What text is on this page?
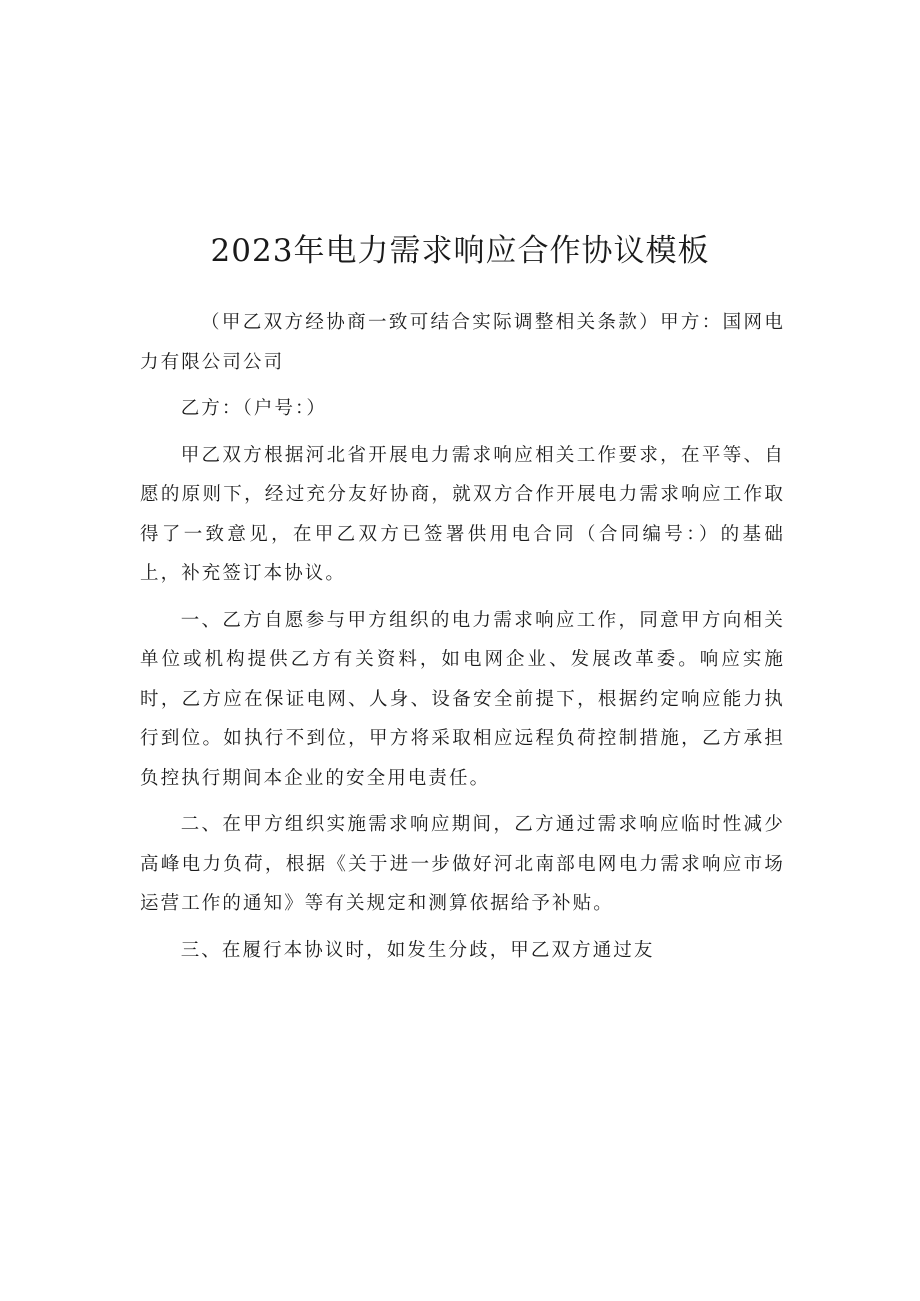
2023年电力需求响应合作协议模板

（甲乙双方经协商一致可结合实际调整相关条款）甲方：国网电力有限公司公司

乙方：（户号：）

甲乙双方根据河北省开展电力需求响应相关工作要求，在平等、自愿的原则下，经过充分友好协商，就双方合作开展电力需求响应工作取得了一致意见，在甲乙双方已签署供用电合同（合同编号：）的基础上，补充签订本协议。

一、乙方自愿参与甲方组织的电力需求响应工作，同意甲方向相关单位或机构提供乙方有关资料，如电网企业、发展改革委。响应实施时，乙方应在保证电网、人身、设备安全前提下，根据约定响应能力执行到位。如执行不到位，甲方将采取相应远程负荷控制措施，乙方承担负控执行期间本企业的安全用电责任。

二、在甲方组织实施需求响应期间，乙方通过需求响应临时性减少高峰电力负荷，根据《关于进一步做好河北南部电网电力需求响应市场运营工作的通知》等有关规定和测算依据给予补贴。

三、在履行本协议时，如发生分歧，甲乙双方通过友
